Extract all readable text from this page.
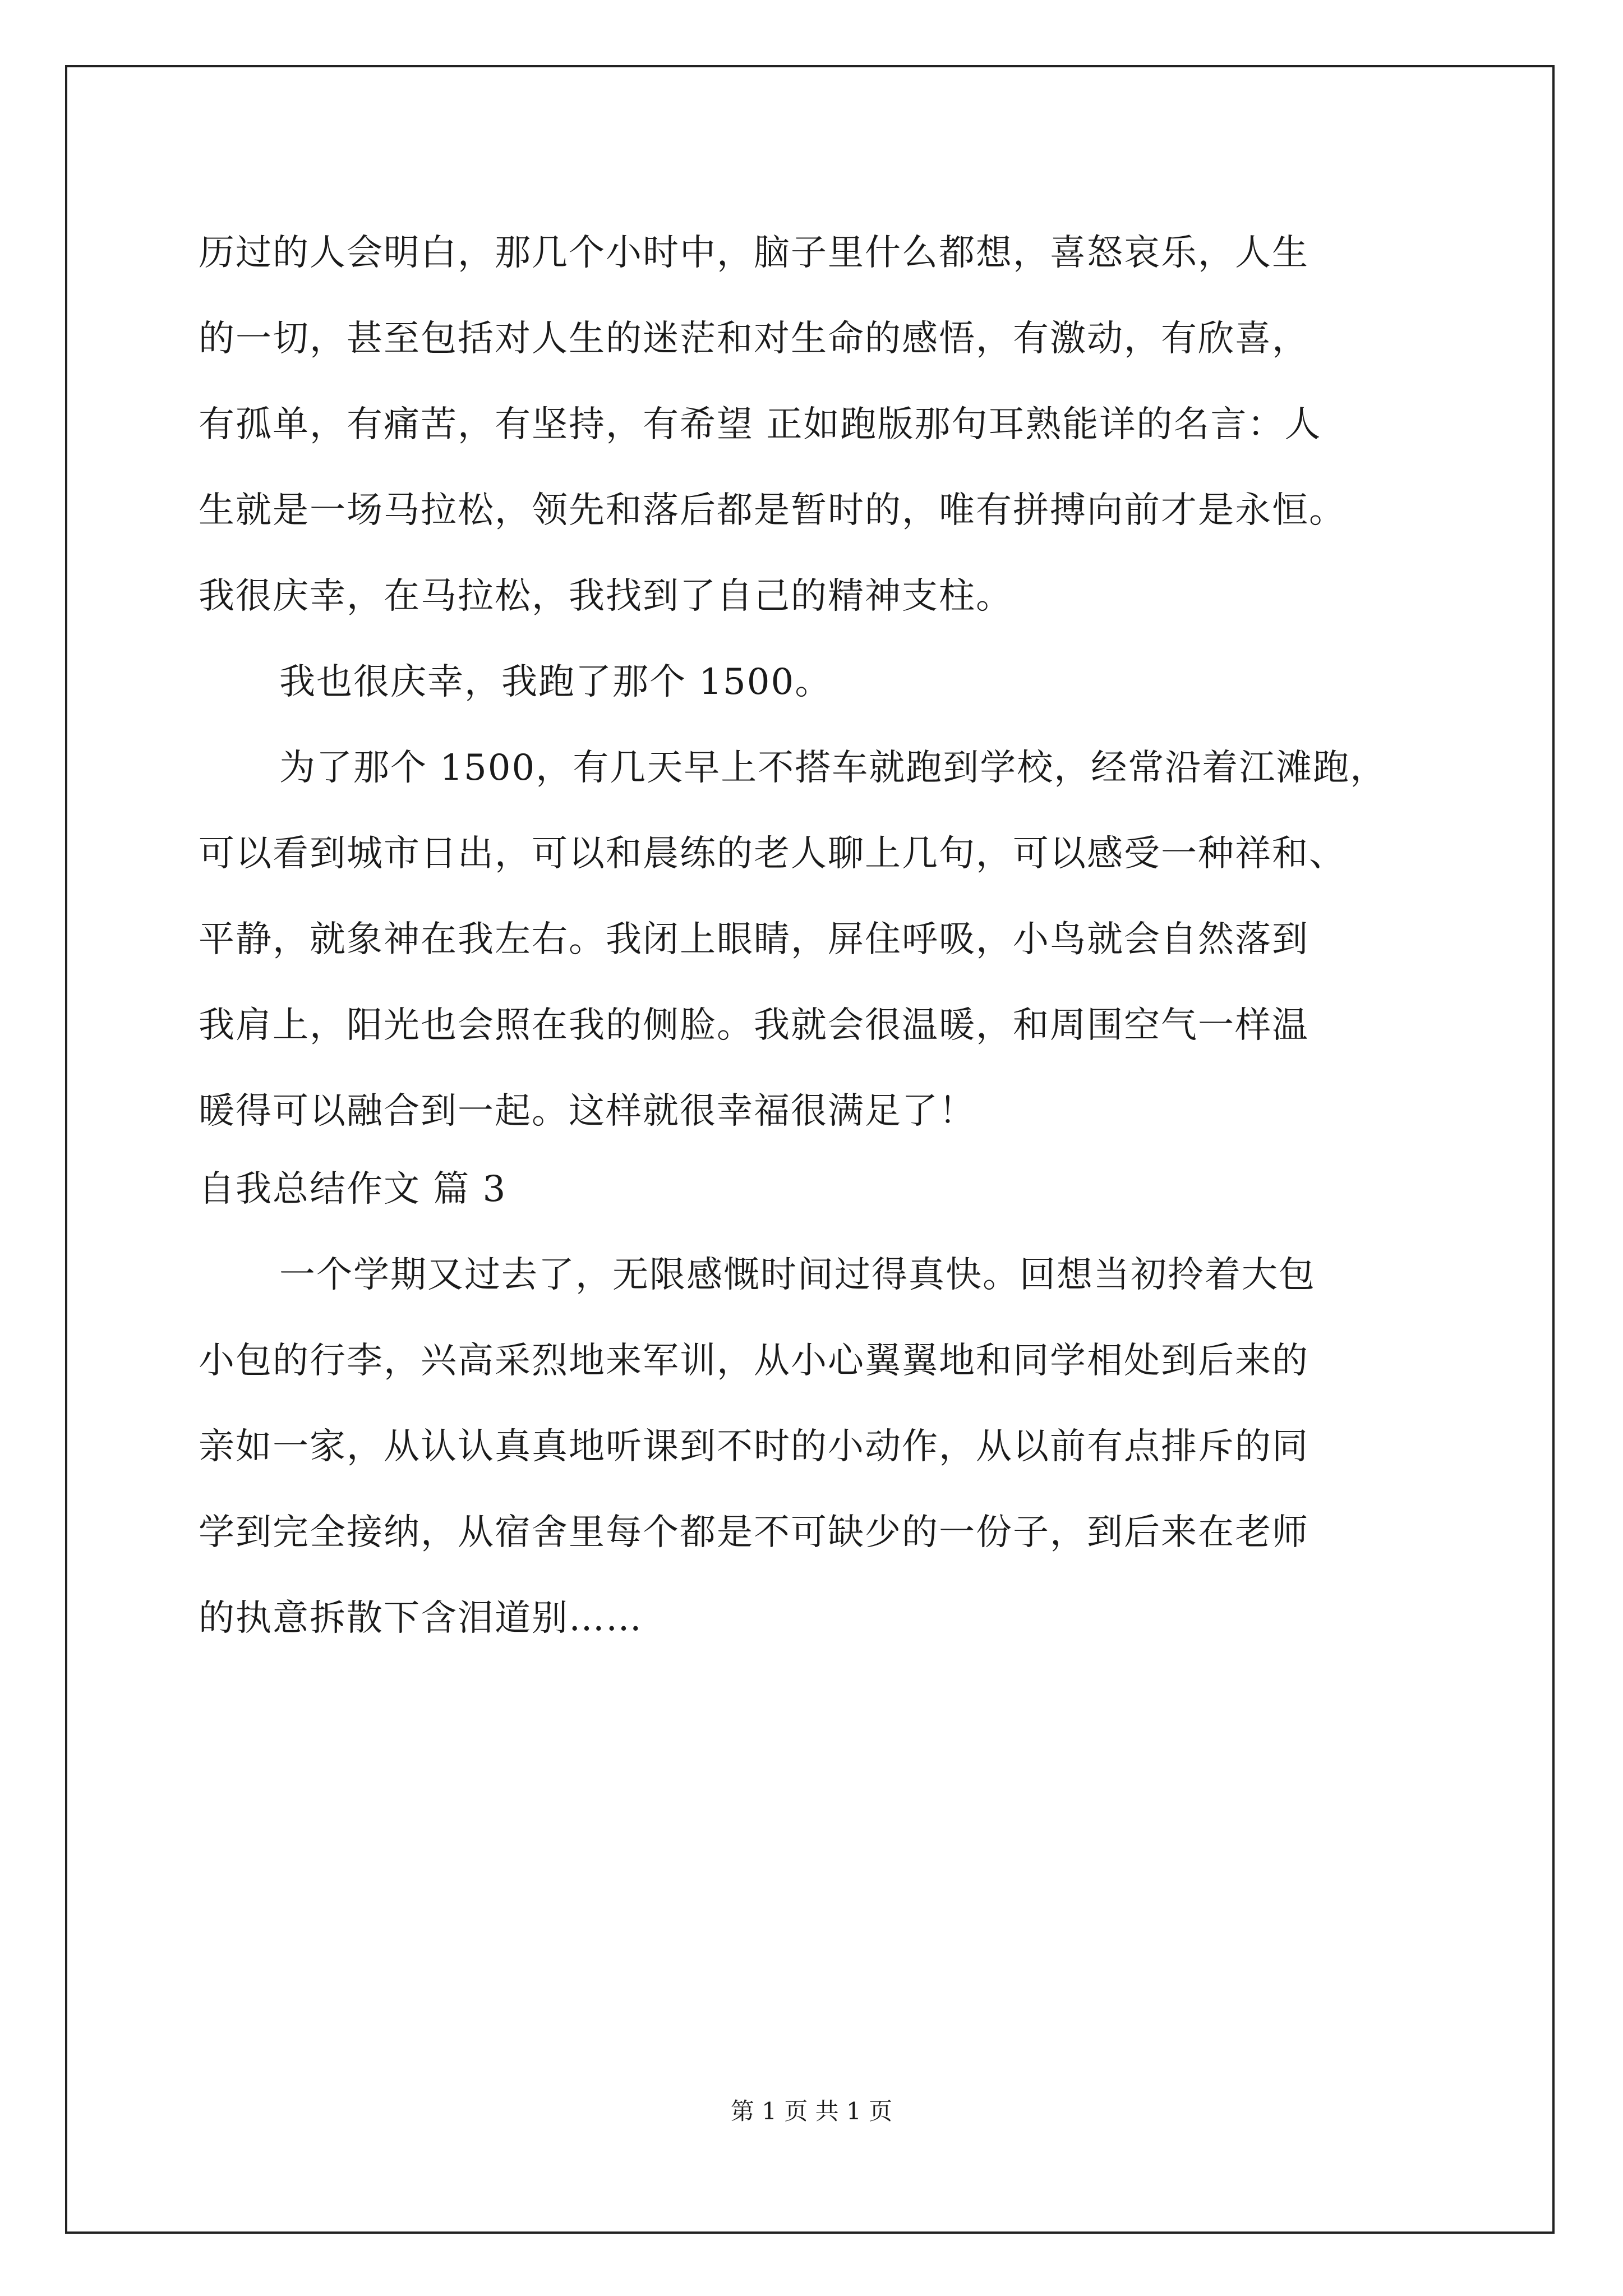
历过的人会明白，那几个小时中，脑子里什么都想，喜怒哀乐，人生
的一切，甚至包括对人生的迷茫和对生命的感悟，有激动，有欣喜，
有孤单，有痛苦，有坚持，有希望 正如跑版那句耳熟能详的名言：人
生就是一场马拉松，领先和落后都是暂时的，唯有拼搏向前才是永恒。
我很庆幸，在马拉松，我找到了自己的精神支柱。
我也很庆幸，我跑了那个 1500。
为了那个 1500，有几天早上不搭车就跑到学校，经常沿着江滩跑，
可以看到城市日出，可以和晨练的老人聊上几句，可以感受一种祥和、
平静，就象神在我左右。我闭上眼睛，屏住呼吸，小鸟就会自然落到
我肩上，阳光也会照在我的侧脸。我就会很温暖，和周围空气一样温
暖得可以融合到一起。这样就很幸福很满足了！
自我总结作文 篇 3
一个学期又过去了，无限感慨时间过得真快。回想当初拎着大包
小包的行李，兴高采烈地来军训，从小心翼翼地和同学相处到后来的
亲如一家，从认认真真地听课到不时的小动作，从以前有点排斥的同
学到完全接纳，从宿舍里每个都是不可缺少的一份子，到后来在老师
的执意拆散下含泪道别……
第 1 页 共 1 页
